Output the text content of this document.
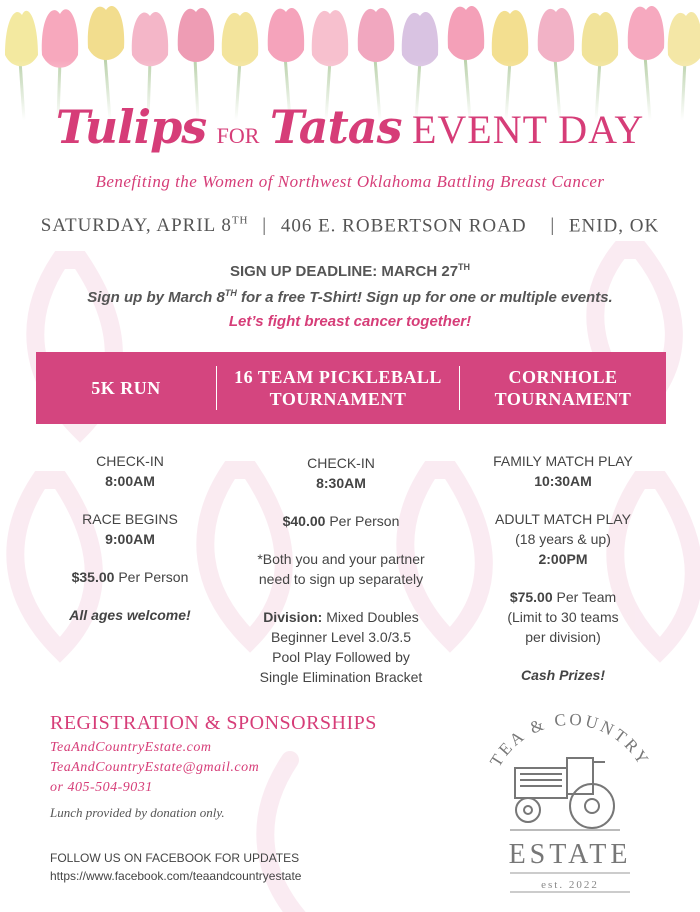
Tulips FOR Tatas EVENT DAY
Benefiting the Women of Northwest Oklahoma Battling Breast Cancer
SATURDAY, APRIL 8TH | 406 E. ROBERTSON ROAD | ENID, OK
SIGN UP DEADLINE: MARCH 27TH
Sign up by March 8TH for a free T-Shirt! Sign up for one or multiple events.
Let’s fight breast cancer together!
5K RUN
16 TEAM PICKLEBALL
TOURNAMENT
CORNHOLE
TOURNAMENT
CHECK-IN
8:00AM
RACE BEGINS
9:00AM
$35.00 Per Person
All ages welcome!
CHECK-IN
8:30AM
$40.00 Per Person
*Both you and your partner
need to sign up separately
Division: Mixed Doubles
Beginner Level 3.0/3.5
Pool Play Followed by
Single Elimination Bracket
FAMILY MATCH PLAY
10:30AM
ADULT MATCH PLAY
(18 years & up)
2:00PM
$75.00 Per Team
(Limit to 30 teams
per division)
Cash Prizes!
REGISTRATION & SPONSORSHIPS
TeaAndCountryEstate.com
TeaAndCountryEstate@gmail.com
or 405-504-9031
Lunch provided by donation only.
FOLLOW US ON FACEBOOK FOR UPDATES
https://www.facebook.com/teaandcountryestate
TEA & COUNTRY
ESTATE
est. 2022
